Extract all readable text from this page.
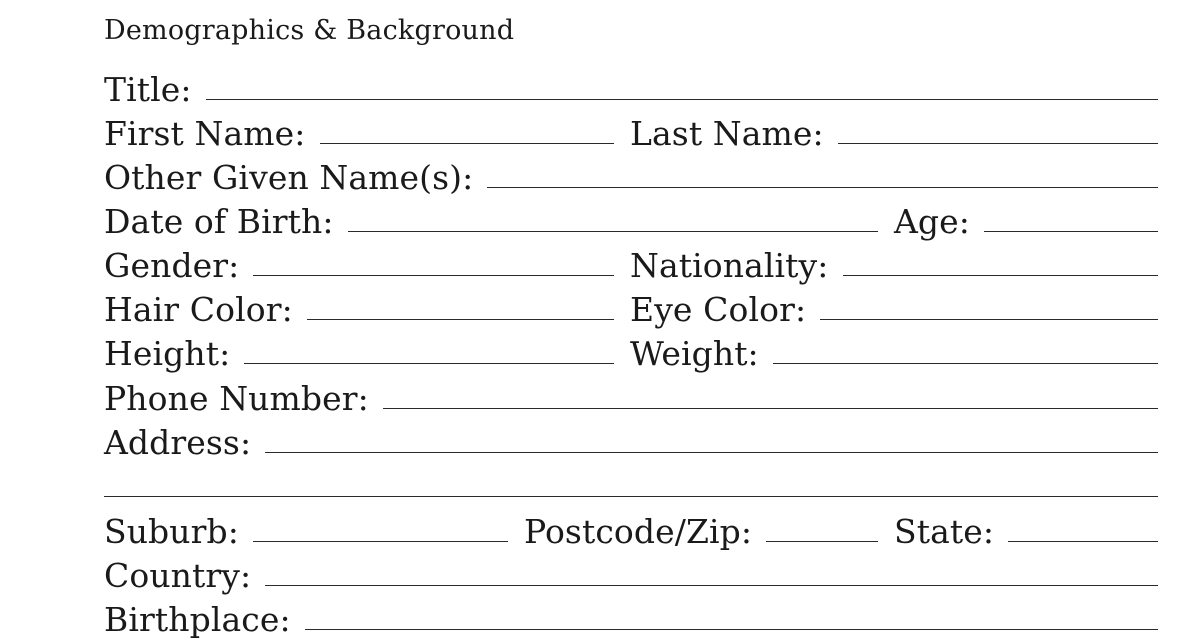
Demographics & Background
Title:
First Name:	Last Name:
Other Given Name(s):
Date of Birth:	Age:
Gender:	Nationality:
Hair Color:	Eye Color:
Height:	Weight:
Phone Number:
Address:
Suburb:	Postcode/Zip:	State:
Country:
Birthplace:
